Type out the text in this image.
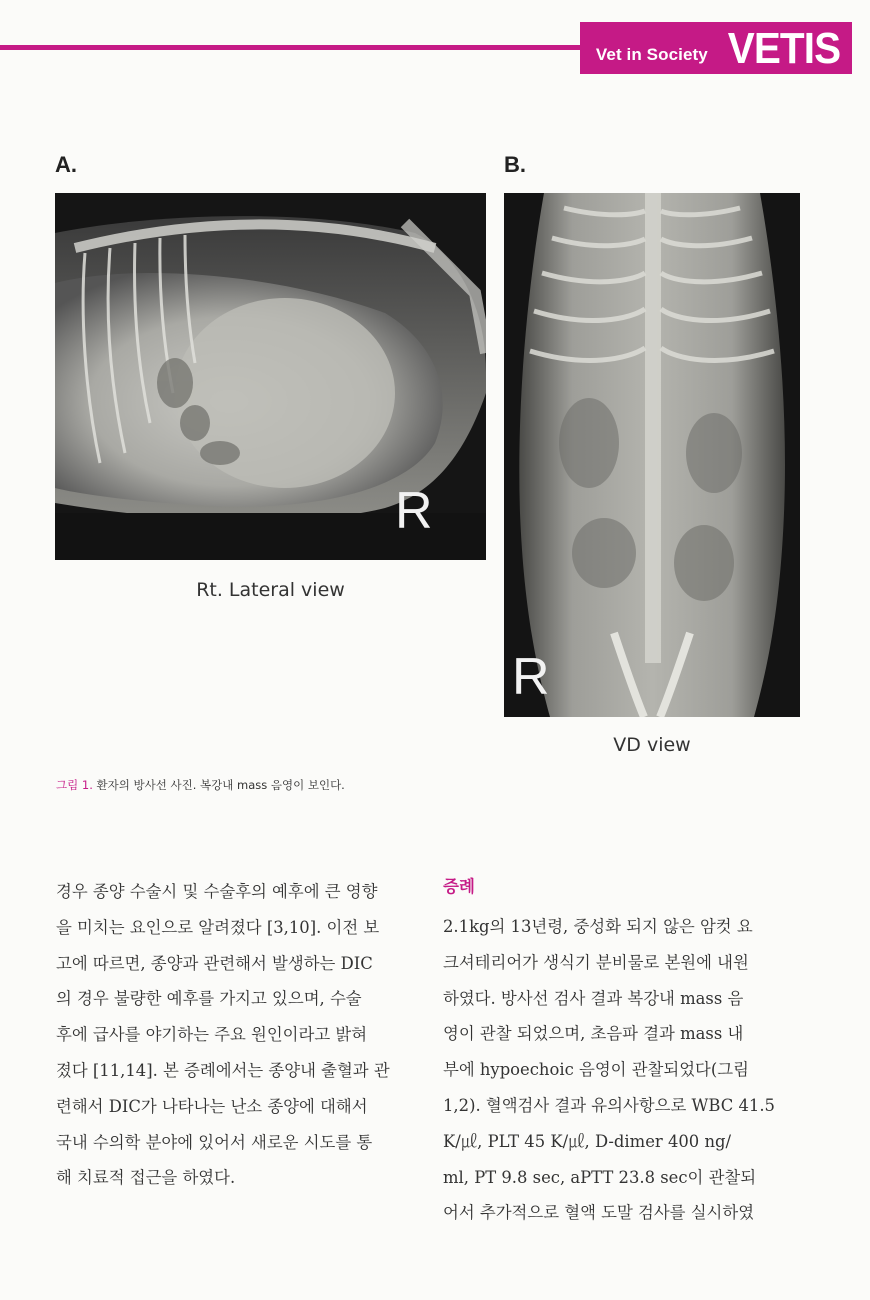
Vet in Society VETIS
A.
R
Rt. Lateral view
B.
R
VD view
그림 1. 환자의 방사선 사진. 복강내 mass 음영이 보인다.
경우 종양 수술시 및 수술후의 예후에 큰 영향
을 미치는 요인으로 알려졌다 [3,10]. 이전 보
고에 따르면, 종양과 관련해서 발생하는 DIC
의 경우 불량한 예후를 가지고 있으며, 수술
후에 급사를 야기하는 주요 원인이라고 밝혀
졌다 [11,14]. 본 증례에서는 종양내 출혈과 관
련해서 DIC가 나타나는 난소 종양에 대해서
국내 수의학 분야에 있어서 새로운 시도를 통
해 치료적 접근을 하였다.
증례
2.1kg의 13년령, 중성화 되지 않은 암컷 요
크셔테리어가 생식기 분비물로 본원에 내원
하였다. 방사선 검사 결과 복강내 mass 음
영이 관찰 되었으며, 초음파 결과 mass 내
부에 hypoechoic 음영이 관찰되었다(그림
1,2). 혈액검사 결과 유의사항으로 WBC 41.5
K/㎕, PLT 45 K/㎕, D-dimer 400 ng/
ml, PT 9.8 sec, aPTT 23.8 sec이 관찰되
어서 추가적으로 혈액 도말 검사를 실시하였
